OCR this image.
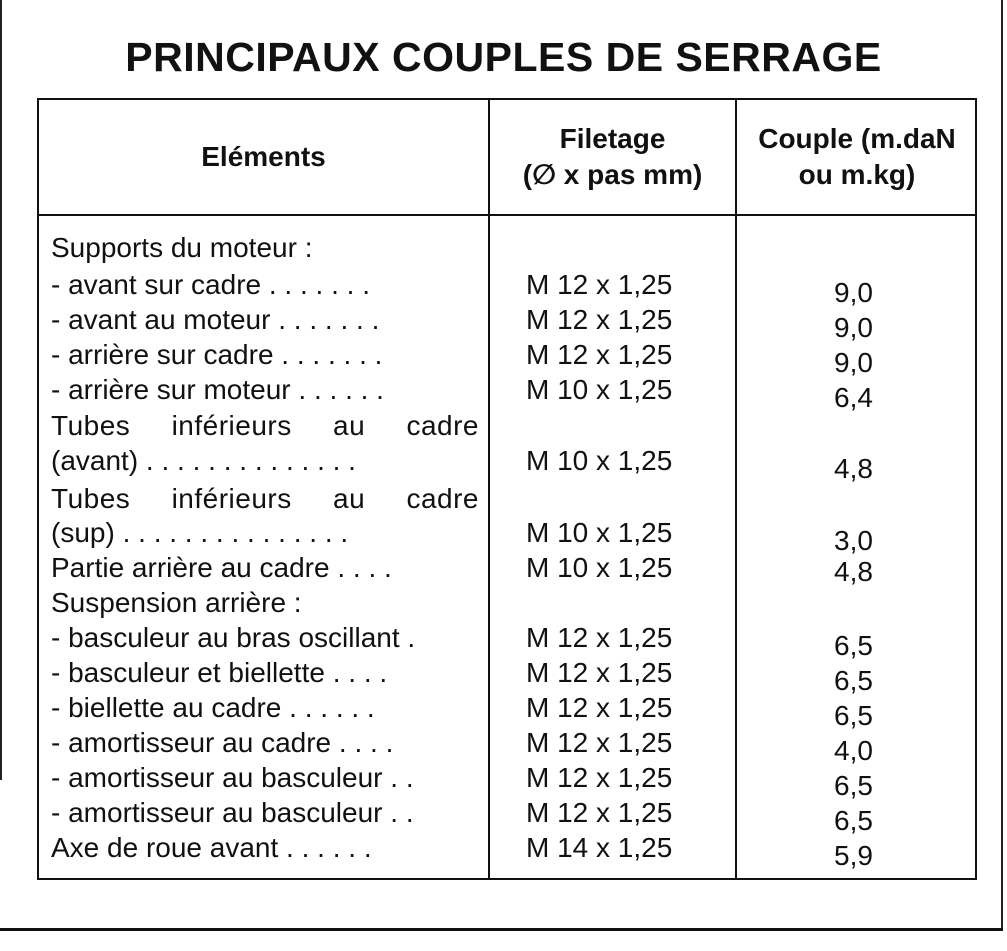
PRINCIPAUX COUPLES DE SERRAGE
Eléments
Filetage
(∅ x pas mm)
Couple (m.daN
ou m.kg)
Supports du moteur :
- avant sur cadre . . . . . . .	M 12 x 1,25	9,0
- avant au moteur . . . . . . .	M 12 x 1,25	9,0
- arrière sur cadre . . . . . . .	M 12 x 1,25	9,0
- arrière sur moteur . . . . . .	M 10 x 1,25	6,4
Tubes inférieurs au cadre
(avant) . . . . . . . . . . . . . .	M 10 x 1,25	4,8
Tubes inférieurs au cadre
(sup) . . . . . . . . . . . . . . .	M 10 x 1,25	3,0
Partie arrière au cadre . . . .	M 10 x 1,25	4,8
Suspension arrière :
- basculeur au bras oscillant .	M 12 x 1,25	6,5
- basculeur et biellette . . . .	M 12 x 1,25	6,5
- biellette au cadre . . . . . .	M 12 x 1,25	6,5
- amortisseur au cadre . . . .	M 12 x 1,25	4,0
- amortisseur au basculeur . .	M 12 x 1,25	6,5
- amortisseur au basculeur . .	M 12 x 1,25	6,5
Axe de roue avant . . . . . .	M 14 x 1,25	5,9
